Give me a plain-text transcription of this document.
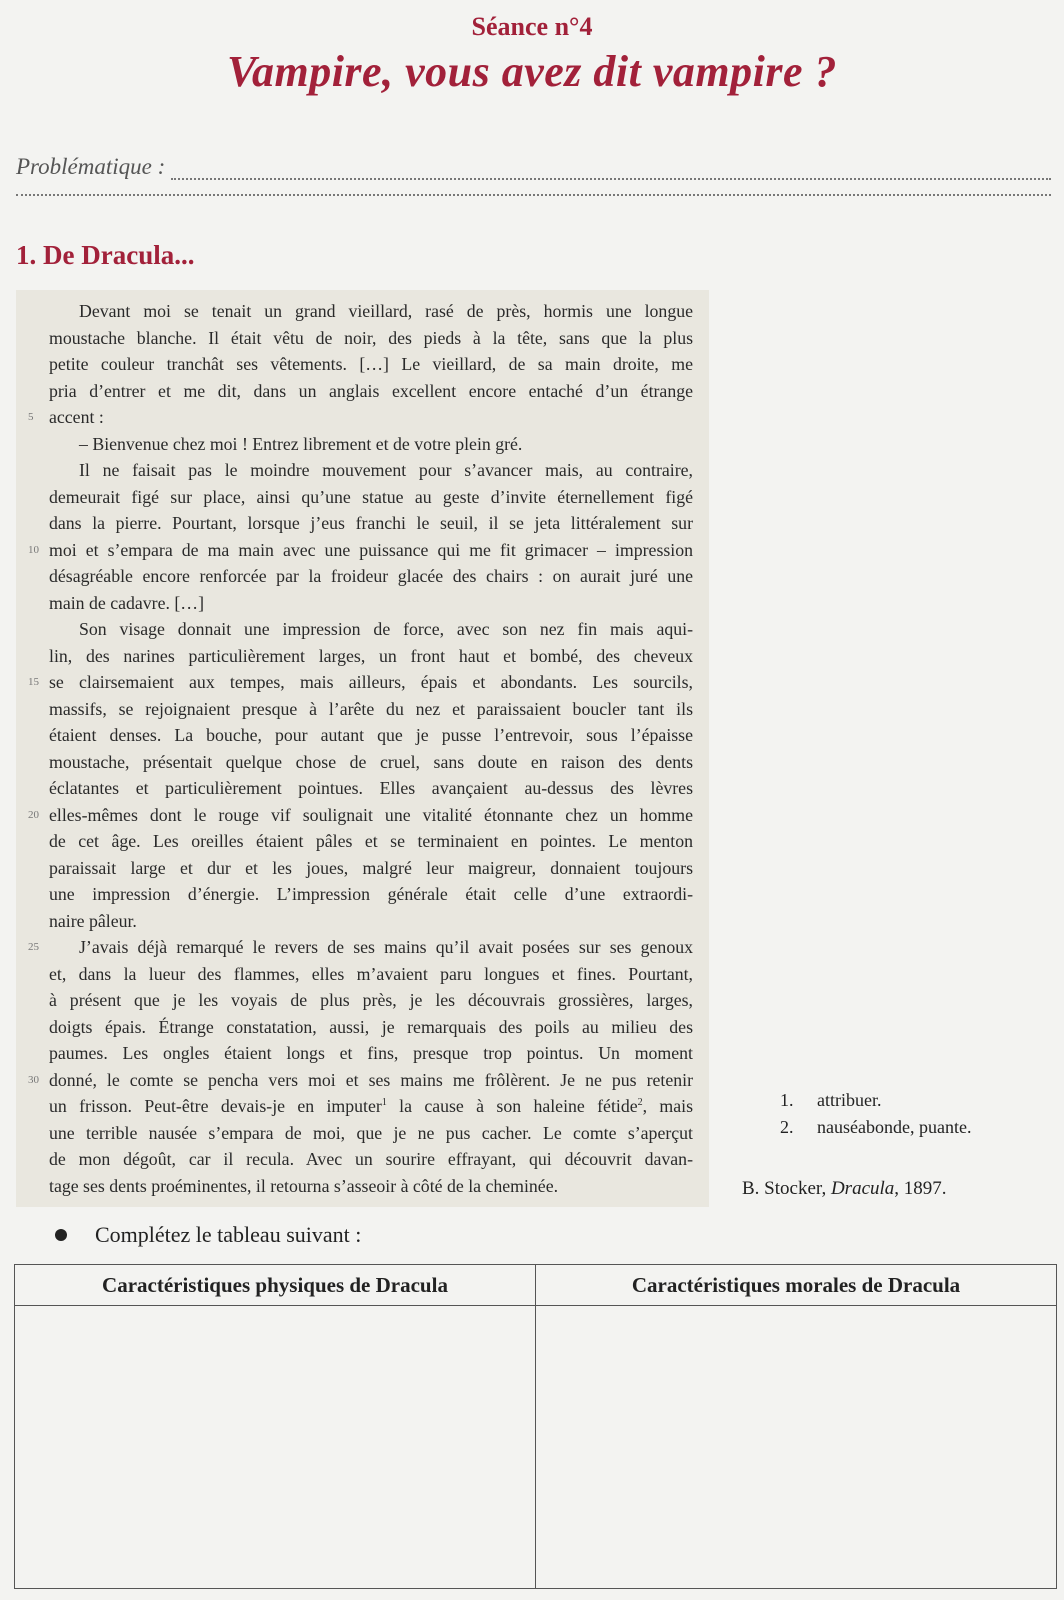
Séance n°4
Vampire, vous avez dit vampire ?
Problématique :
1. De Dracula...
Devant moi se tenait un grand vieillard, rasé de près, hormis une longue
moustache blanche. Il était vêtu de noir, des pieds à la tête, sans que la plus
petite couleur tranchât ses vêtements. […] Le vieillard, de sa main droite, me
pria d’entrer et me dit, dans un anglais excellent encore entaché d’un étrange
5 accent :
– Bienvenue chez moi ! Entrez librement et de votre plein gré.
Il ne faisait pas le moindre mouvement pour s’avancer mais, au contraire,
demeurait figé sur place, ainsi qu’une statue au geste d’invite éternellement figé
dans la pierre. Pourtant, lorsque j’eus franchi le seuil, il se jeta littéralement sur
10 moi et s’empara de ma main avec une puissance qui me fit grimacer – impression
désagréable encore renforcée par la froideur glacée des chairs : on aurait juré une
main de cadavre. […]
Son visage donnait une impression de force, avec son nez fin mais aqui-
lin, des narines particulièrement larges, un front haut et bombé, des cheveux
15 se clairsemaient aux tempes, mais ailleurs, épais et abondants. Les sourcils,
massifs, se rejoignaient presque à l’arête du nez et paraissaient boucler tant ils
étaient denses. La bouche, pour autant que je pusse l’entrevoir, sous l’épaisse
moustache, présentait quelque chose de cruel, sans doute en raison des dents
éclatantes et particulièrement pointues. Elles avançaient au-dessus des lèvres
20 elles-mêmes dont le rouge vif soulignait une vitalité étonnante chez un homme
de cet âge. Les oreilles étaient pâles et se terminaient en pointes. Le menton
paraissait large et dur et les joues, malgré leur maigreur, donnaient toujours
une impression d’énergie. L’impression générale était celle d’une extraordi-
naire pâleur.
25 J’avais déjà remarqué le revers de ses mains qu’il avait posées sur ses genoux
et, dans la lueur des flammes, elles m’avaient paru longues et fines. Pourtant,
à présent que je les voyais de plus près, je les découvrais grossières, larges,
doigts épais. Étrange constatation, aussi, je remarquais des poils au milieu des
paumes. Les ongles étaient longs et fins, presque trop pointus. Un moment
30 donné, le comte se pencha vers moi et ses mains me frôlèrent. Je ne pus retenir
un frisson. Peut-être devais-je en imputer$^1$ la cause à son haleine fétide$^2$, mais
une terrible nausée s’empara de moi, que je ne pus cacher. Le comte s’aperçut
de mon dégoût, car il recula. Avec un sourire effrayant, qui découvrit davan-
tage ses dents proéminentes, il retourna s’asseoir à côté de la cheminée.
1. attribuer.
2. nauséabonde, puante.
B. Stocker, Dracula, 1897.
Complétez le tableau suivant :
Caractéristiques physiques de Dracula	Caractéristiques morales de Dracula
